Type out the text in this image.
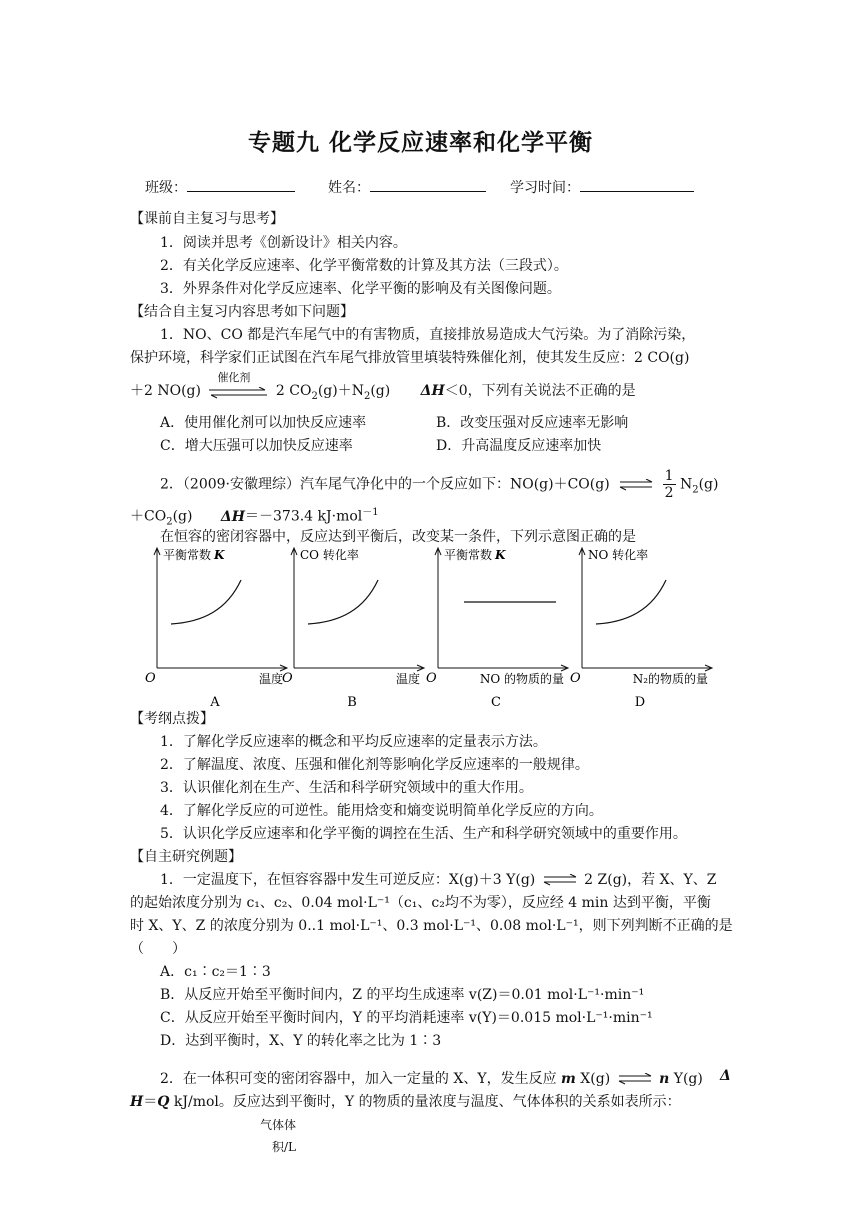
专题九 化学反应速率和化学平衡
班级：	姓名：	学习时间：
【课前自主复习与思考】
1．阅读并思考《创新设计》相关内容。
2．有关化学反应速率、化学平衡常数的计算及其方法（三段式）。
3．外界条件对化学反应速率、化学平衡的影响及有关图像问题。
【结合自主复习内容思考如下问题】
1．NO、CO 都是汽车尾气中的有害物质，直接排放易造成大气污染。为了消除污染，
保护环境，科学家们正试图在汽车尾气排放管里填装特殊催化剂，使其发生反应：2 CO(g)
＋2 NO(g)
催化剂
2 $CO_2(g)+N_2(g)$ ΔH＜0，下列有关说法不正确的是
A．使用催化剂可以加快反应速率	B．改变压强对反应速率无影响
C．增大压强可以加快反应速率	D．升高温度反应速率加快
2．（2009·安徽理综）汽车尾气净化中的一个反应如下：NO(g)＋CO(g) ⇌ $\frac{1}{2} N_2(g)$
$+CO_2(g)$ ΔH＝－373.4 kJ·mol$^{-1}$
在恒容的密闭容器中，反应达到平衡后，改变某一条件，下列示意图正确的是
平衡常数 K
O	温度
A
CO 转化率
O	温度
B
平衡常数 K
O	NO 的物质的量
C
NO 转化率
O	N₂的物质的量
D
【考纲点拨】
1．了解化学反应速率的概念和平均反应速率的定量表示方法。
2．了解温度、浓度、压强和催化剂等影响化学反应速率的一般规律。
3．认识催化剂在生产、生活和科学研究领域中的重大作用。
4．了解化学反应的可逆性。能用焓变和熵变说明简单化学反应的方向。
5．认识化学反应速率和化学平衡的调控在生活、生产和科学研究领域中的重要作用。
【自主研究例题】
1．一定温度下，在恒容容器中发生可逆反应：X(g)＋3 Y(g) ⇌ 2 Z(g)，若 X、Y、Z
的起始浓度分别为 c₁、c₂、0.04 mol·L⁻¹（c₁、c₂均不为零），反应经 4 min 达到平衡，平衡
时 X、Y、Z 的浓度分别为 0..1 mol·L⁻¹、0.3 mol·L⁻¹、0.08 mol·L⁻¹，则下列判断不正确的是
（　　）
A．c₁∶c₂＝1∶3
B．从反应开始至平衡时间内，Z 的平均生成速率 v(Z)＝0.01 mol·L⁻¹·min⁻¹
C．从反应开始至平衡时间内，Y 的平均消耗速率 v(Y)＝0.015 mol·L⁻¹·min⁻¹
D．达到平衡时，X、Y 的转化率之比为 1∶3
2．在一体积可变的密闭容器中，加入一定量的 X、Y，发生反应 m X(g) ⇌ n Y(g) Δ
H＝Q kJ/mol。反应达到平衡时，Y 的物质的量浓度与温度、气体体积的关系如表所示：
气体体
积/L
